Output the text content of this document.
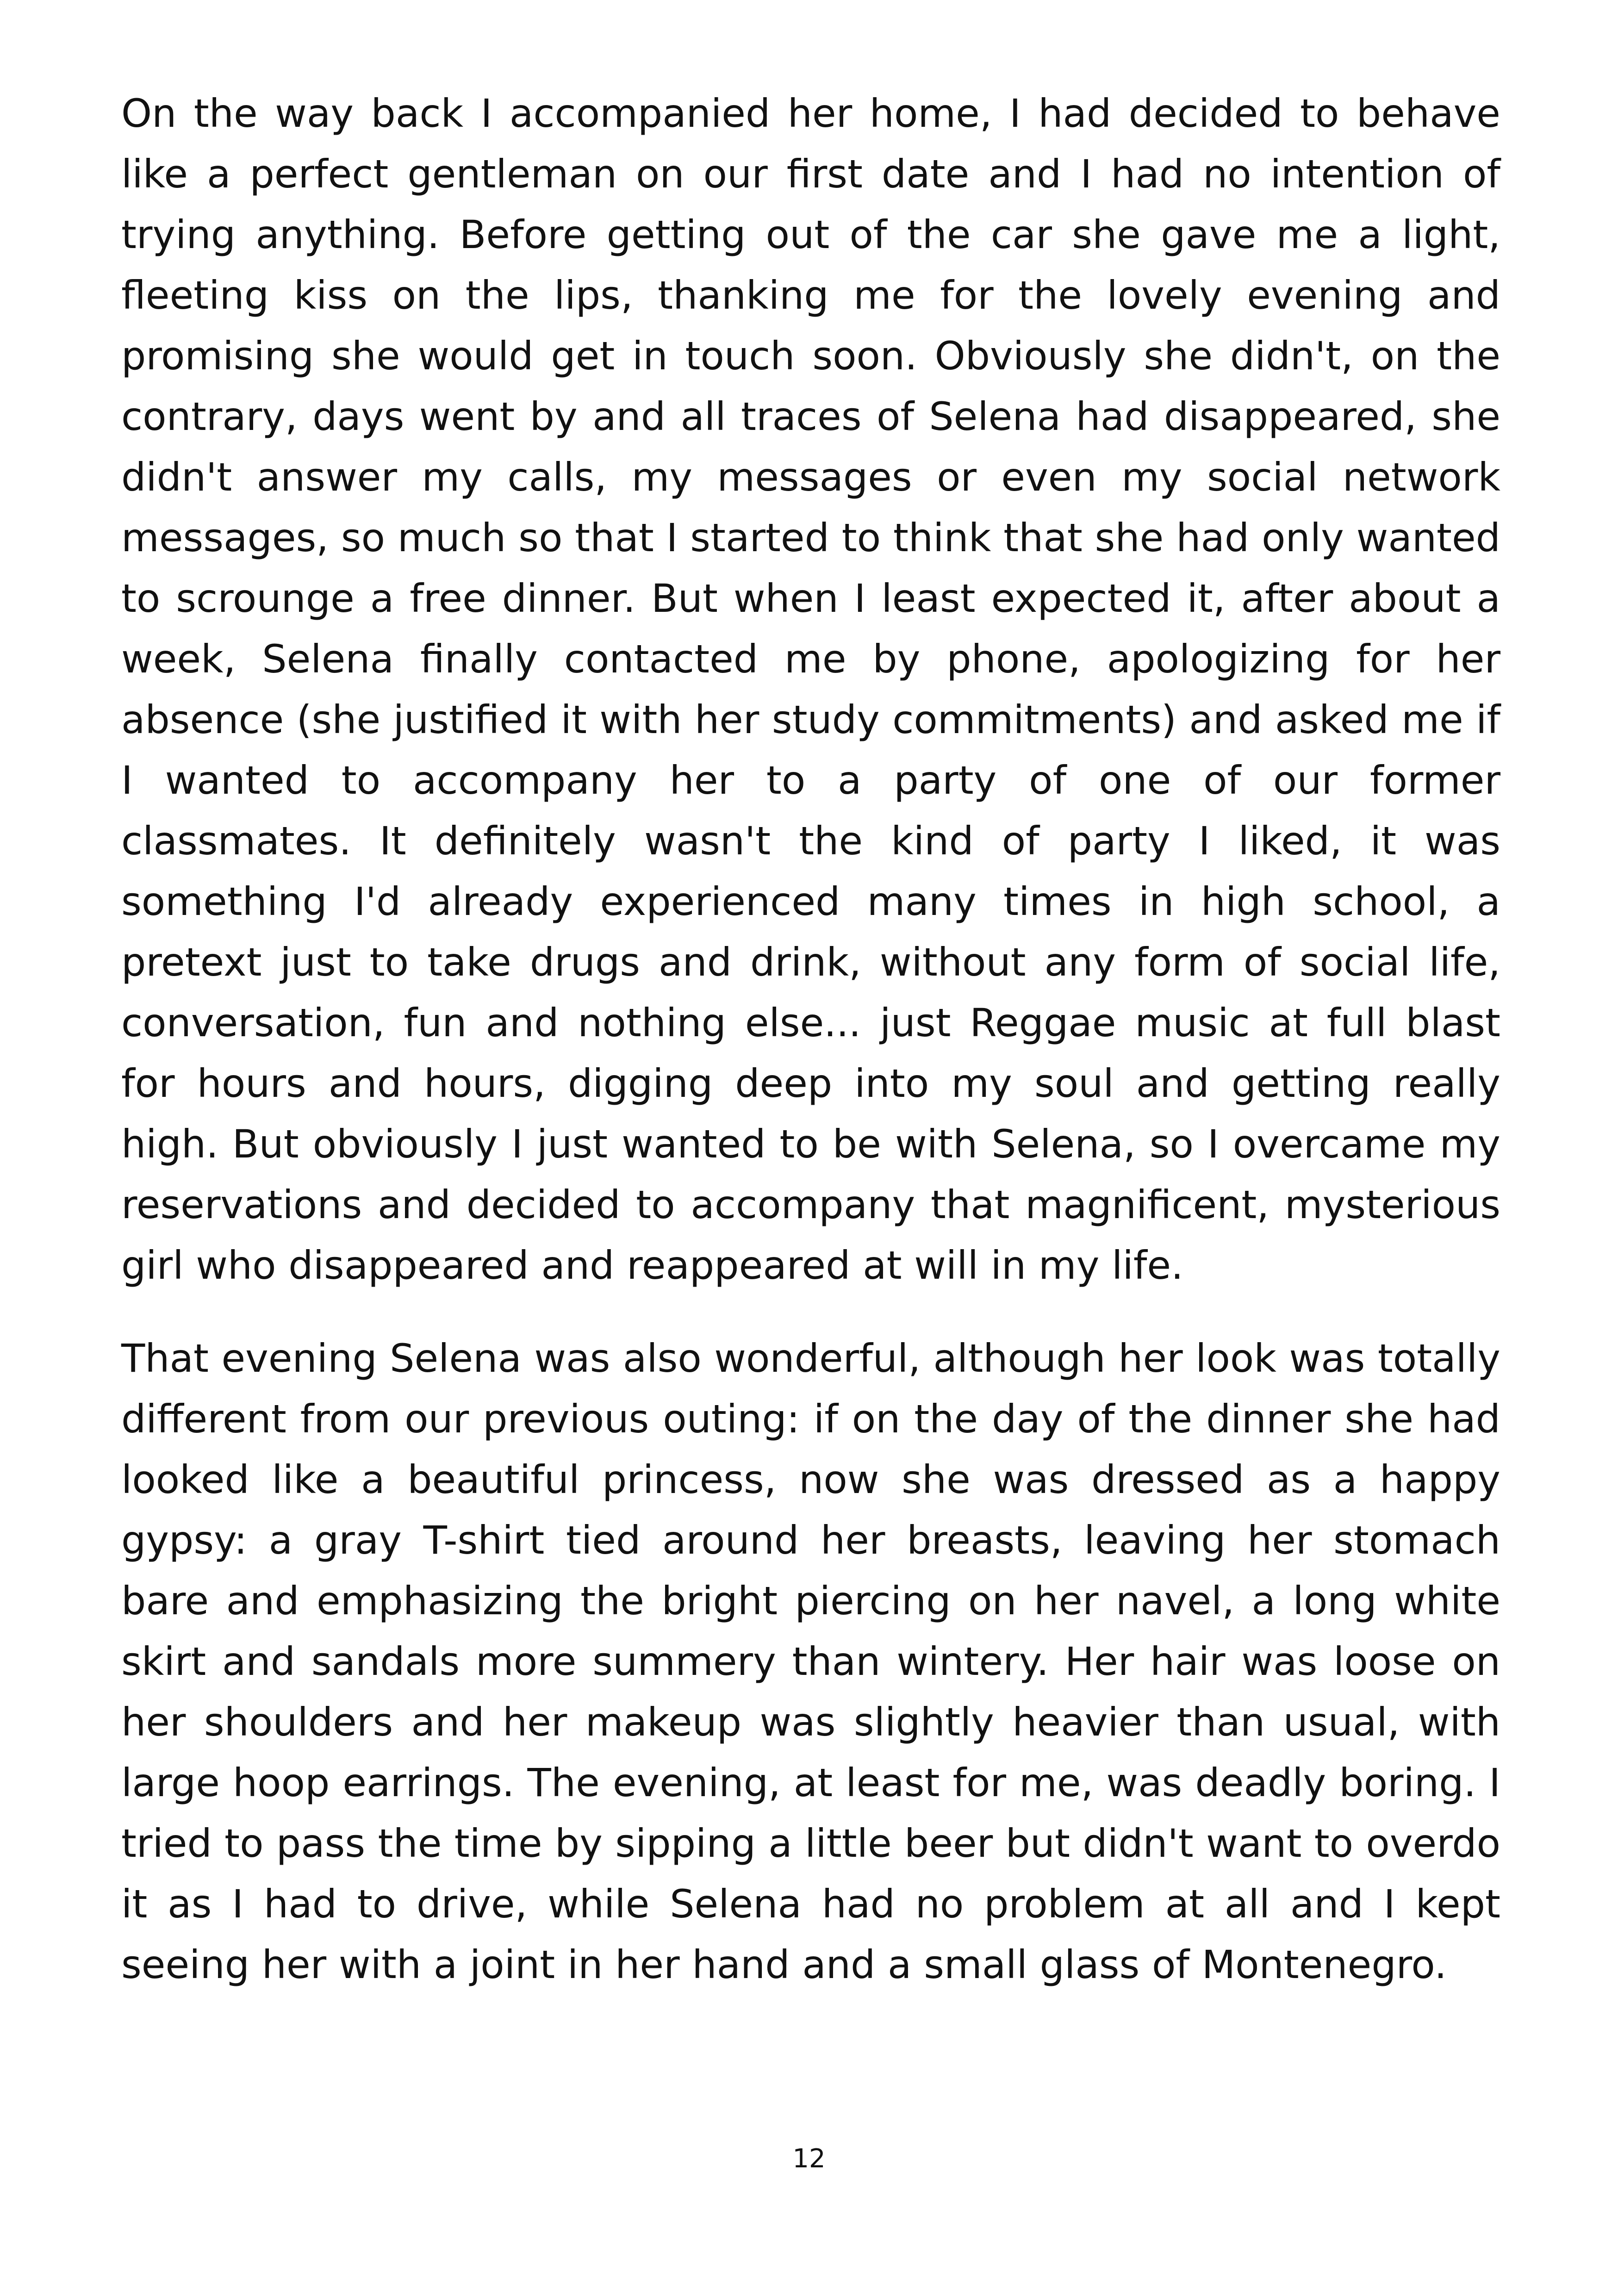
On the way back I accompanied her home, I had decided to behave like a perfect gentleman on our first date and I had no intention of trying anything. Before getting out of the car she gave me a light, fleeting kiss on the lips, thanking me for the lovely evening and promising she would get in touch soon. Obviously she didn't, on the contrary, days went by and all traces of Selena had disappeared, she didn't answer my calls, my messages or even my social network messages, so much so that I started to think that she had only wanted to scrounge a free dinner. But when I least expected it, after about a week, Selena finally contacted me by phone, apologizing for her absence (she justified it with her study commitments) and asked me if I wanted to accompany her to a party of one of our former classmates. It definitely wasn't the kind of party I liked, it was something I'd already experienced many times in high school, a pretext just to take drugs and drink, without any form of social life, conversation, fun and nothing else... just Reggae music at full blast for hours and hours, digging deep into my soul and getting really high. But obviously I just wanted to be with Selena, so I overcame my reservations and decided to accompany that magnificent, mysterious girl who disappeared and reappeared at will in my life.

That evening Selena was also wonderful, although her look was totally different from our previous outing: if on the day of the dinner she had looked like a beautiful princess, now she was dressed as a happy gypsy: a gray T-shirt tied around her breasts, leaving her stomach bare and emphasizing the bright piercing on her navel, a long white skirt and sandals more summery than wintery. Her hair was loose on her shoulders and her makeup was slightly heavier than usual, with large hoop earrings. The evening, at least for me, was deadly boring. I tried to pass the time by sipping a little beer but didn't want to overdo it as I had to drive, while Selena had no problem at all and I kept seeing her with a joint in her hand and a small glass of Montenegro.

12
